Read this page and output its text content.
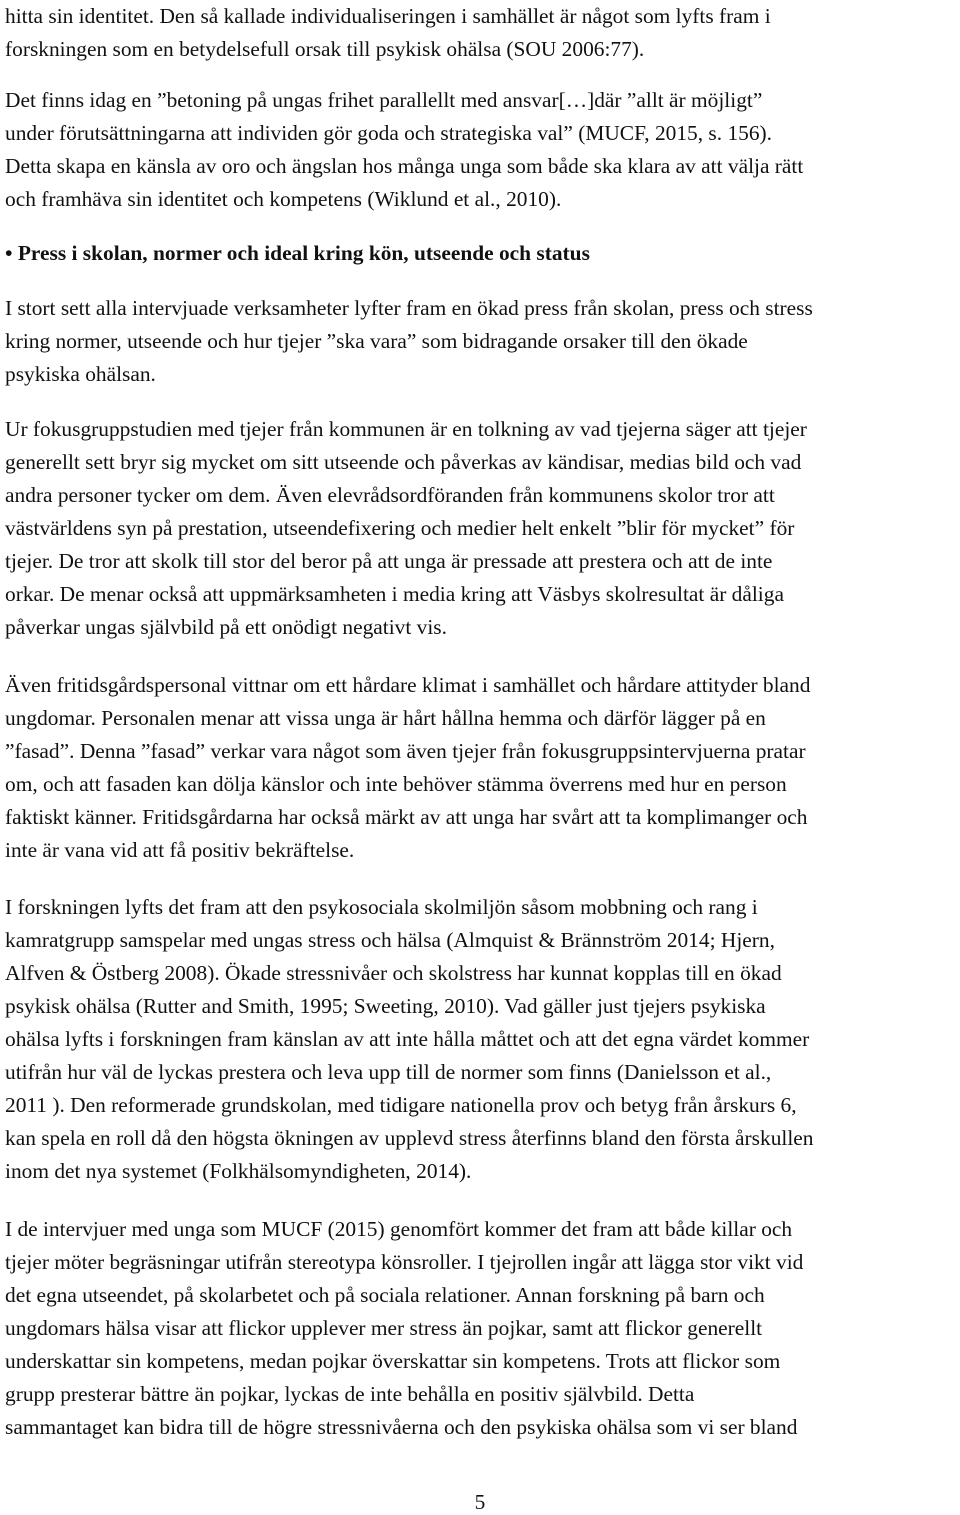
hitta sin identitet. Den så kallade individualiseringen i samhället är något som lyfts fram i
forskningen som en betydelsefull orsak till psykisk ohälsa (SOU 2006:77).
Det finns idag en ”betoning på ungas frihet parallellt med ansvar[…]där ”allt är möjligt”
under förutsättningarna att individen gör goda och strategiska val” (MUCF, 2015, s. 156).
Detta skapa en känsla av oro och ängslan hos många unga som både ska klara av att välja rätt
och framhäva sin identitet och kompetens (Wiklund et al., 2010).
• Press i skolan, normer och ideal kring kön, utseende och status
I stort sett alla intervjuade verksamheter lyfter fram en ökad press från skolan, press och stress
kring normer, utseende och hur tjejer ”ska vara” som bidragande orsaker till den ökade
psykiska ohälsan.
Ur fokusgruppstudien med tjejer från kommunen är en tolkning av vad tjejerna säger att tjejer
generellt sett bryr sig mycket om sitt utseende och påverkas av kändisar, medias bild och vad
andra personer tycker om dem. Även elevrådsordföranden från kommunens skolor tror att
västvärldens syn på prestation, utseendefixering och medier helt enkelt ”blir för mycket” för
tjejer. De tror att skolk till stor del beror på att unga är pressade att prestera och att de inte
orkar. De menar också att uppmärksamheten i media kring att Väsbys skolresultat är dåliga
påverkar ungas självbild på ett onödigt negativt vis.
Även fritidsgårdspersonal vittnar om ett hårdare klimat i samhället och hårdare attityder bland
ungdomar. Personalen menar att vissa unga är hårt hållna hemma och därför lägger på en
”fasad”. Denna ”fasad” verkar vara något som även tjejer från fokusgruppsintervjuerna pratar
om, och att fasaden kan dölja känslor och inte behöver stämma överrens med hur en person
faktiskt känner. Fritidsgårdarna har också märkt av att unga har svårt att ta komplimanger och
inte är vana vid att få positiv bekräftelse.
I forskningen lyfts det fram att den psykosociala skolmiljön såsom mobbning och rang i
kamratgrupp samspelar med ungas stress och hälsa (Almquist & Brännström 2014; Hjern,
Alfven & Östberg 2008). Ökade stressnivåer och skolstress har kunnat kopplas till en ökad
psykisk ohälsa (Rutter and Smith, 1995; Sweeting, 2010). Vad gäller just tjejers psykiska
ohälsa lyfts i forskningen fram känslan av att inte hålla måttet och att det egna värdet kommer
utifrån hur väl de lyckas prestera och leva upp till de normer som finns (Danielsson et al.,
2011 ). Den reformerade grundskolan, med tidigare nationella prov och betyg från årskurs 6,
kan spela en roll då den högsta ökningen av upplevd stress återfinns bland den första årskullen
inom det nya systemet (Folkhälsomyndigheten, 2014).
I de intervjuer med unga som MUCF (2015) genomfört kommer det fram att både killar och
tjejer möter begräsningar utifrån stereotypa könsroller. I tjejrollen ingår att lägga stor vikt vid
det egna utseendet, på skolarbetet och på sociala relationer. Annan forskning på barn och
ungdomars hälsa visar att flickor upplever mer stress än pojkar, samt att flickor generellt
underskattar sin kompetens, medan pojkar överskattar sin kompetens. Trots att flickor som
grupp presterar bättre än pojkar, lyckas de inte behålla en positiv självbild. Detta
sammantaget kan bidra till de högre stressnivåerna och den psykiska ohälsa som vi ser bland
5
